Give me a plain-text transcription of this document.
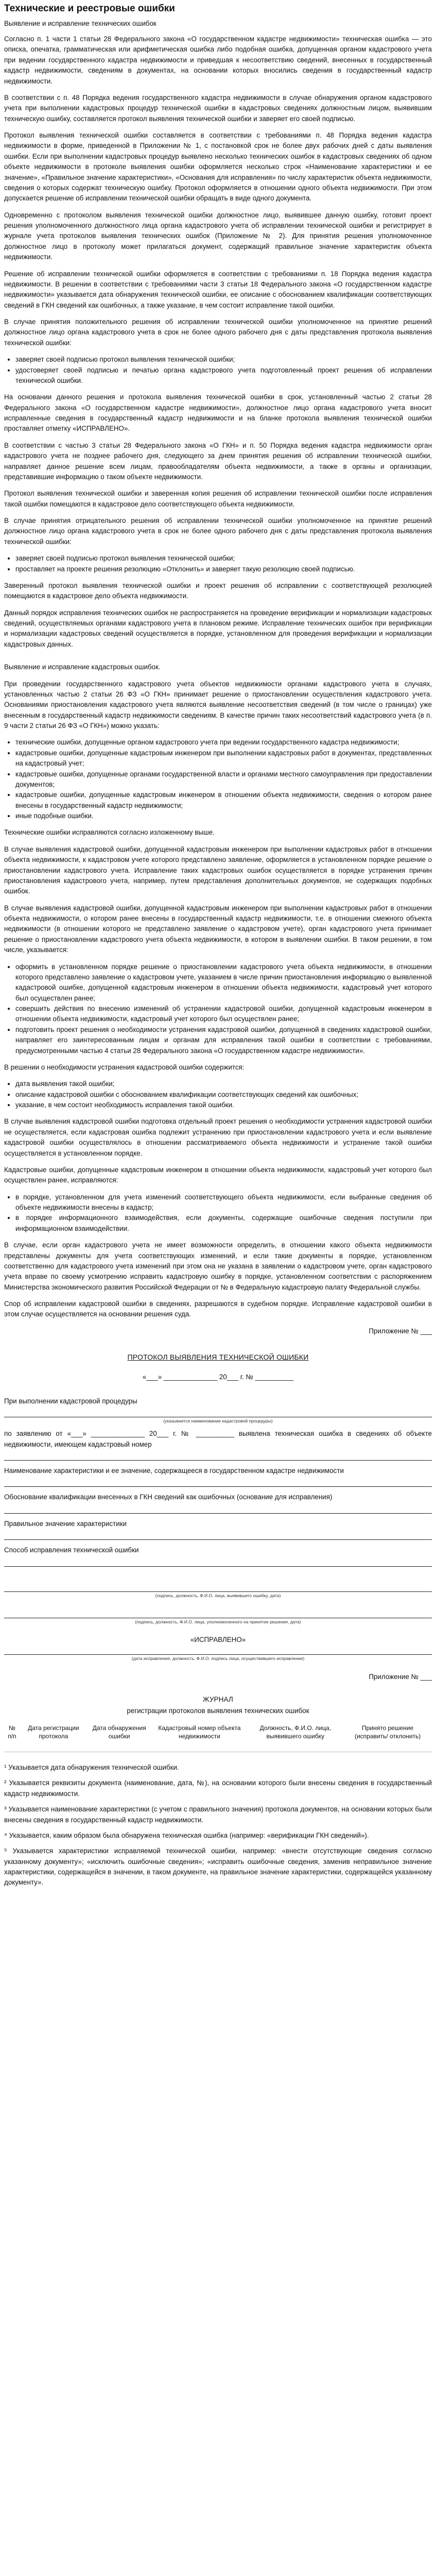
Технические и реестровые ошибки
Выявление и исправление технических ошибок

Согласно п. 1 части 1 статьи 28 Федерального закона «О государственном кадастре недвижимости» техническая ошибка — это описка, опечатка, грамматическая или арифметическая ошибка либо подобная ошибка, допущенная органом кадастрового учета при ведении государственного кадастра недвижимости и приведшая к несоответствию сведений, внесенных в государственный кадастр недвижимости, сведениям в документах, на основании которых вносились сведения в государственный кадастр недвижимости.

В соответствии с п. 48 Порядка ведения государственного кадастра недвижимости в случае обнаружения органом кадастрового учета при выполнении кадастровых процедур технической ошибки в кадастровых сведениях должностным лицом, выявившим техническую ошибку, составляется протокол выявления технической ошибки и заверяет его своей подписью.

Протокол выявления технической ошибки составляется в соответствии с требованиями п. 48 Порядка ведения кадастра недвижимости в форме, приведенной в Приложении № 1, с постановкой срок не более двух рабочих дней с даты выявления ошибки. Если при выполнении кадастровых процедур выявлено несколько технических ошибок в кадастровых сведениях об одном объекте недвижимости в протоколе выявления ошибки оформляется несколько строк «Наименование характеристики и ее значение», «Правильное значение характеристики», «Основания для исправления» по числу характеристик объекта недвижимости, сведения о которых содержат техническую ошибку. Протокол оформляется в отношении одного объекта недвижимости. При этом допускается решение об исправлении технической ошибки обращать в виде одного документа.

Одновременно с протоколом выявления технической ошибки должностное лицо, выявившее данную ошибку, готовит проект решения уполномоченного должностного лица органа кадастрового учета об исправлении технической ошибки и регистрирует в журнале учета протоколов выявления технических ошибок (Приложение № 2). Для принятия решения уполномоченное должностное лицо в протоколу может прилагаться документ, содержащий правильное значение характеристик объекта недвижимости.

Решение об исправлении технической ошибки оформляется в соответствии с требованиями п. 18 Порядка ведения кадастра недвижимости. В решении в соответствии с требованиями части 3 статьи 18 Федерального закона «О государственном кадастре недвижимости» указывается дата обнаружения технической ошибки, ее описание с обоснованием квалификации соответствующих сведений в ГКН сведений как ошибочных, а также указание, в чем состоит исправление такой ошибки.

В случае принятия положительного решения об исправлении технической ошибки уполномоченное на принятие решений должностное лицо органа кадастрового учета в срок не более одного рабочего дня с даты представления протокола выявления технической ошибки:

• заверяет своей подписью протокол выявления технической ошибки;
• удостоверяет своей подписью и печатью органа кадастрового учета подготовленный проект решения об исправлении технической ошибки.

На основании данного решения и протокола выявления технической ошибки в срок, установленный частью 2 статьи 28 Федерального закона «О государственном кадастре недвижимости», должностное лицо органа кадастрового учета вносит исправленные сведения в государственный кадастр недвижимости и на бланке протокола выявления технической ошибки проставляет отметку «ИСПРАВЛЕНО».

В соответствии с частью 3 статьи 28 Федерального закона «О ГКН» и п. 50 Порядка ведения кадастра недвижимости орган кадастрового учета не позднее рабочего дня, следующего за днем принятия решения об исправлении технической ошибки, направляет данное решение всем лицам, правообладателям объекта недвижимости, а также в органы и организации, представившие информацию о таком объекте недвижимости.

Протокол выявления технической ошибки и заверенная копия решения об исправлении технической ошибки после исправления такой ошибки помещаются в кадастровое дело соответствующего объекта недвижимости.

В случае принятия отрицательного решения об исправлении технической ошибки уполномоченное на принятие решений должностное лицо органа кадастрового учета в срок не более одного рабочего дня с даты представления протокола выявления технической ошибки:

• заверяет своей подписью протокол выявления технической ошибки;
• проставляет на проекте решения резолюцию «Отклонить» и заверяет такую резолюцию своей подписью.

Заверенный протокол выявления технической ошибки и проект решения об исправлении с соответствующей резолюцией помещаются в кадастровое дело объекта недвижимости.

Данный порядок исправления технических ошибок не распространяется на проведение верификации и нормализации кадастровых сведений, осуществляемых органами кадастрового учета в плановом режиме. Исправление технических ошибок при верификации и нормализации кадастровых сведений осуществляется в порядке, установленном для проведения верификации и нормализации кадастровых данных.

Выявление и исправление кадастровых ошибок.

При проведении государственного кадастрового учета объектов недвижимости органами кадастрового учета в случаях, установленных частью 2 статьи 26 ФЗ «О ГКН» принимает решение о приостановлении осуществления кадастрового учета. Основаниями приостановления кадастрового учета являются выявление несоответствия сведений (в том числе о границах) уже внесенным в государственный кадастр недвижимости сведениям. В качестве причин таких несоответствий кадастрового учета (в п. 9 части 2 статьи 26 ФЗ «О ГКН») можно указать:

• технические ошибки, допущенные органом кадастрового учета при ведении государственного кадастра недвижимости;
• кадастровые ошибки, допущенные кадастровым инженером при выполнении кадастровых работ в документах, представленных на кадастровый учет;
• кадастровые ошибки, допущенные органами государственной власти и органами местного самоуправления при предоставлении документов;
• кадастровые ошибки, допущенные кадастровым инженером в отношении объекта недвижимости, сведения о котором ранее внесены в государственный кадастр недвижимости;
• иные подобные ошибки.

Технические ошибки исправляются согласно изложенному выше.

В случае выявления кадастровой ошибки, допущенной кадастровым инженером при выполнении кадастровых работ в отношении объекта недвижимости, к кадастровом учете которого представлено заявление, оформляется в установленном порядке решение о приостановлении кадастрового учета. Исправление таких кадастровых ошибок осуществляется в порядке устранения причин приостановления кадастрового учета, например, путем представления дополнительных документов, не содержащих подобных ошибок.

В случае выявления кадастровой ошибки, допущенной кадастровым инженером при выполнении кадастровых работ в отношении объекта недвижимости, о котором ранее внесены в государственный кадастр недвижимости, т.е. в отношении смежного объекта недвижимости (в отношении которого не представлено заявление о кадастровом учете), орган кадастрового учета принимает решение о приостановлении кадастрового учета объекта недвижимости, в котором в выявлении ошибки. В таком решении, в том числе, указывается:

• оформить в установленном порядке решение о приостановлении кадастрового учета объекта недвижимости, в отношении которого представлено заявление о кадастровом учете, указанием в числе причин приостановления информацию о выявленной кадастровой ошибке, допущенной кадастровым инженером в отношении объекта недвижимости, кадастровый учет которого был осуществлен ранее;
• совершить действия по внесению изменений об устранении кадастровой ошибки, допущенной кадастровым инженером в отношении объекта недвижимости, кадастровый учет которого был осуществлен ранее;
• подготовить проект решения о необходимости устранения кадастровой ошибки, допущенной в сведениях кадастровой ошибки, направляет его заинтересованным лицам и органам для исправления такой ошибки в соответствии с требованиями, предусмотренными частью 4 статьи 28 Федерального закона «О государственном кадастре недвижимости».

В решении о необходимости устранения кадастровой ошибки содержится:

• дата выявления такой ошибки;
• описание кадастровой ошибки с обоснованием квалификации соответствующих сведений как ошибочных;
• указание, в чем состоит необходимость исправления такой ошибки.

В случае выявления кадастровой ошибки подготовка отдельный проект решения о необходимости устранения кадастровой ошибки не осуществляется, если кадастровая ошибка подлежит устранению при приостановлении кадастрового учета и если выявление кадастровой ошибки осуществлялось в отношении рассматриваемого объекта недвижимости и устранение такой ошибки осуществляется в установленном порядке.

Кадастровые ошибки, допущенные кадастровым инженером в отношении объекта недвижимости, кадастровый учет которого был осуществлен ранее, исправляются:

• в порядке, установленном для учета изменений соответствующего объекта недвижимости, если выбранные сведения об объекте недвижимости внесены в кадастр;
• в порядке информационного взаимодействия, если документы, содержащие ошибочные сведения поступили при информационном взаимодействии.

В случае, если орган кадастрового учета не имеет возможности определить, в отношении какого объекта недвижимости представлены документы для учета соответствующих изменений, и если такие документы в порядке, установленном соответственно для кадастрового учета изменений при этом она не указана в заявлении о кадастровом учете, орган кадастрового учета вправе по своему усмотрению исправить кадастровую ошибку в порядке, установленном соответствии с распоряжением Министерства экономического развития Российской Федерации от № в Федеральную кадастровую палату Федеральной службы.

Спор об исправлении кадастровой ошибки в сведениях, разрешаются в судебном порядке. Исправление кадастровой ошибки в этом случае осуществляется на основании решения суда.

Приложение № ___
ПРОТОКОЛ ВЫЯВЛЕНИЯ ТЕХНИЧЕСКОЙ ОШИБКИ
«___» ______________ 20___ г. № __________
При выполнении кадастровой процедуры
(указывается наименование кадастровой процедуры)
по заявлению от «___» ______________ 20___ г. № __________ выявлена техническая ошибка в сведениях об объекте недвижимости, имеющем кадастровый номер
Наименование характеристики и ее значение, содержащееся в государственном кадастре недвижимости
Обоснование квалификации внесенных в ГКН сведений как ошибочных (основание для исправления)
Правильное значение характеристики
Способ исправления технической ошибки
(подпись, должность, Ф.И.О. лица, выявившего ошибку, дата)
(подпись, должность, Ф.И.О. лица, уполномоченного на принятие решения, дата)
«ИСПРАВЛЕНО»
(дата исправления, должность, Ф.И.О. подпись лица, осуществившего исправление)
Приложение № ___
ЖУРНАЛ
регистрации протоколов выявления технических ошибок
№ п/п	Дата регистрации протокола	Дата обнаружения ошибки	Кадастровый номер объекта недвижимости	Должность, Ф.И.О. лица, выявившего ошибку	Принято решение (исправить/ отклонить)

¹ Указывается дата обнаружения технической ошибки.

² Указывается реквизиты документа (наименование, дата, №), на основании которого были внесены сведения в государственный кадастр недвижимости.

³ Указывается наименование характеристики (с учетом с правильного значения) протокола документов, на основании которых были внесены сведения в государственный кадастр недвижимости.

⁴ Указывается, каким образом была обнаружена техническая ошибка (например: «верификации ГКН сведений»).

⁵ Указывается характеристики исправляемой технической ошибки, например: «внести отсутствующие сведения согласно указанному документу»; «исключить ошибочные сведения»; «исправить ошибочные сведения, заменив неправильное значение характеристики, содержащейся в значении, в таком документе, на правильное значение характеристики, содержащейся указанному документу».
